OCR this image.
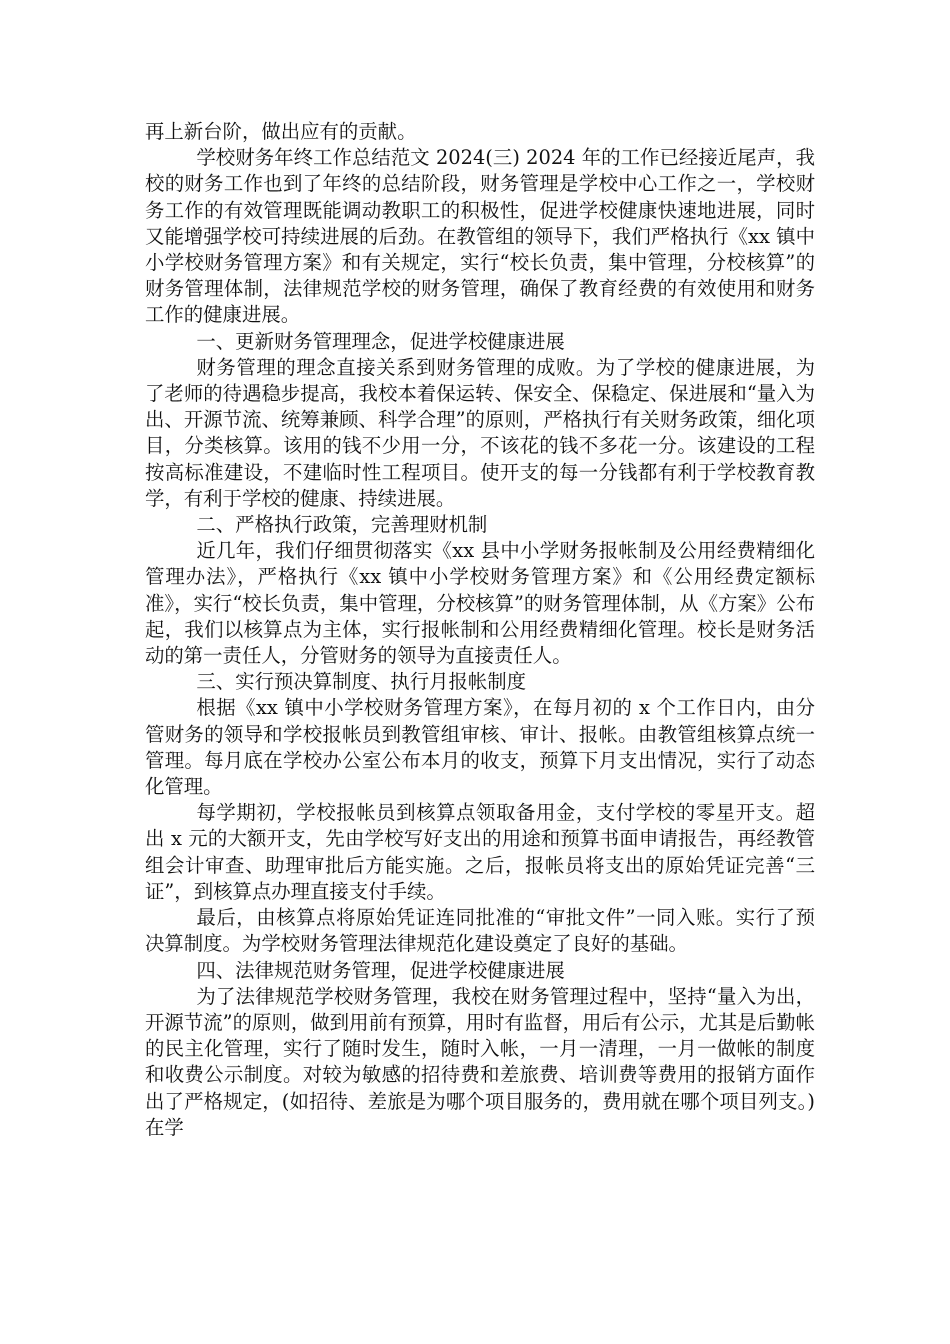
再上新台阶，做出应有的贡献。

学校财务年终工作总结范文 2024(三) 2024 年的工作已经接近尾声，我校的财务工作也到了年终的总结阶段，财务管理是学校中心工作之一，学校财务工作的有效管理既能调动教职工的积极性，促进学校健康快速地进展，同时又能增强学校可持续进展的后劲。在教管组的领导下，我们严格执行《xx 镇中小学校财务管理方案》和有关规定，实行“校长负责，集中管理，分校核算”的财务管理体制，法律规范学校的财务管理，确保了教育经费的有效使用和财务工作的健康进展。

一、更新财务管理理念，促进学校健康进展

财务管理的理念直接关系到财务管理的成败。为了学校的健康进展，为了老师的待遇稳步提高，我校本着保运转、保安全、保稳定、保进展和“量入为出、开源节流、统筹兼顾、科学合理”的原则，严格执行有关财务政策，细化项目，分类核算。该用的钱不少用一分，不该花的钱不多花一分。该建设的工程按高标准建设，不建临时性工程项目。使开支的每一分钱都有利于学校教育教学，有利于学校的健康、持续进展。

二、严格执行政策，完善理财机制

近几年，我们仔细贯彻落实《xx 县中小学财务报帐制及公用经费精细化管理办法》，严格执行《xx 镇中小学校财务管理方案》和《公用经费定额标准》，实行“校长负责，集中管理，分校核算”的财务管理体制，从《方案》公布起，我们以核算点为主体，实行报帐制和公用经费精细化管理。校长是财务活动的第一责任人，分管财务的领导为直接责任人。

三、实行预决算制度、执行月报帐制度

根据《xx 镇中小学校财务管理方案》，在每月初的 x 个工作日内，由分管财务的领导和学校报帐员到教管组审核、审计、报帐。由教管组核算点统一管理。每月底在学校办公室公布本月的收支，预算下月支出情况，实行了动态化管理。

每学期初，学校报帐员到核算点领取备用金，支付学校的零星开支。超出 x 元的大额开支，先由学校写好支出的用途和预算书面申请报告，再经教管组会计审查、助理审批后方能实施。之后，报帐员将支出的原始凭证完善“三证”，到核算点办理直接支付手续。

最后，由核算点将原始凭证连同批准的“审批文件”一同入账。实行了预决算制度。为学校财务管理法律规范化建设奠定了良好的基础。

四、法律规范财务管理，促进学校健康进展

为了法律规范学校财务管理，我校在财务管理过程中，坚持“量入为出，开源节流”的原则，做到用前有预算，用时有监督，用后有公示，尤其是后勤帐的民主化管理，实行了随时发生，随时入帐，一月一清理，一月一做帐的制度和收费公示制度。对较为敏感的招待费和差旅费、培训费等费用的报销方面作出了严格规定，(如招待、差旅是为哪个项目服务的，费用就在哪个项目列支。)在学
